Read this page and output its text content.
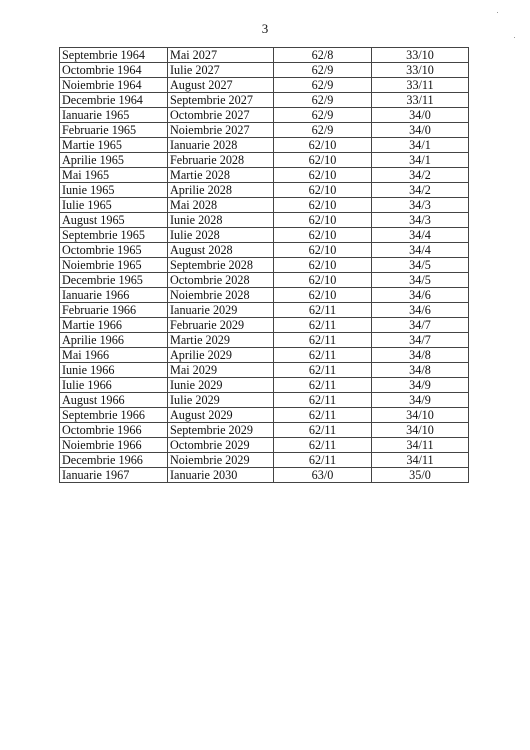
3
Septembrie 1964	Mai 2027	62/8	33/10
Octombrie 1964	Iulie 2027	62/9	33/10
Noiembrie 1964	August 2027	62/9	33/11
Decembrie 1964	Septembrie 2027	62/9	33/11
Ianuarie 1965	Octombrie 2027	62/9	34/0
Februarie 1965	Noiembrie 2027	62/9	34/0
Martie 1965	Ianuarie 2028	62/10	34/1
Aprilie 1965	Februarie 2028	62/10	34/1
Mai 1965	Martie 2028	62/10	34/2
Iunie 1965	Aprilie 2028	62/10	34/2
Iulie 1965	Mai 2028	62/10	34/3
August 1965	Iunie 2028	62/10	34/3
Septembrie 1965	Iulie 2028	62/10	34/4
Octombrie 1965	August 2028	62/10	34/4
Noiembrie 1965	Septembrie 2028	62/10	34/5
Decembrie 1965	Octombrie 2028	62/10	34/5
Ianuarie 1966	Noiembrie 2028	62/10	34/6
Februarie 1966	Ianuarie 2029	62/11	34/6
Martie 1966	Februarie 2029	62/11	34/7
Aprilie 1966	Martie 2029	62/11	34/7
Mai 1966	Aprilie 2029	62/11	34/8
Iunie 1966	Mai 2029	62/11	34/8
Iulie 1966	Iunie 2029	62/11	34/9
August 1966	Iulie 2029	62/11	34/9
Septembrie 1966	August 2029	62/11	34/10
Octombrie 1966	Septembrie 2029	62/11	34/10
Noiembrie 1966	Octombrie 2029	62/11	34/11
Decembrie 1966	Noiembrie 2029	62/11	34/11
Ianuarie 1967	Ianuarie 2030	63/0	35/0
